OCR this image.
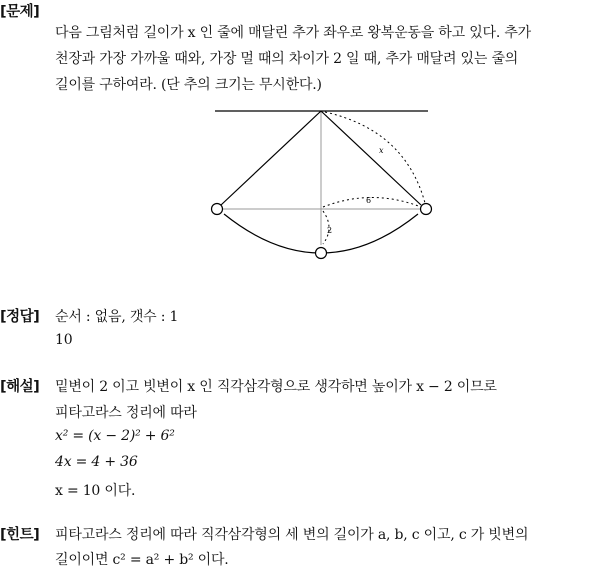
[문제]
다음 그림처럼 길이가 x 인 줄에 매달린 추가 좌우로 왕복운동을 하고 있다. 추가
천장과 가장 가까울 때와, 가장 멀 때의 차이가 2 일 때, 추가 매달려 있는 줄의
길이를 구하여라. (단 추의 크기는 무시한다.)
x
6
2
[정답] 순서 : 없음, 갯수 : 1
10
[해설] 밑변이 2 이고 빗변이 x 인 직각삼각형으로 생각하면 높이가 x − 2 이므로
피타고라스 정리에 따라
x² = (x − 2)² + 6²
4x = 4 + 36
x = 10 이다.
[힌트] 피타고라스 정리에 따라 직각삼각형의 세 변의 길이가 a, b, c 이고, c 가 빗변의
길이이면 c² = a² + b² 이다.
